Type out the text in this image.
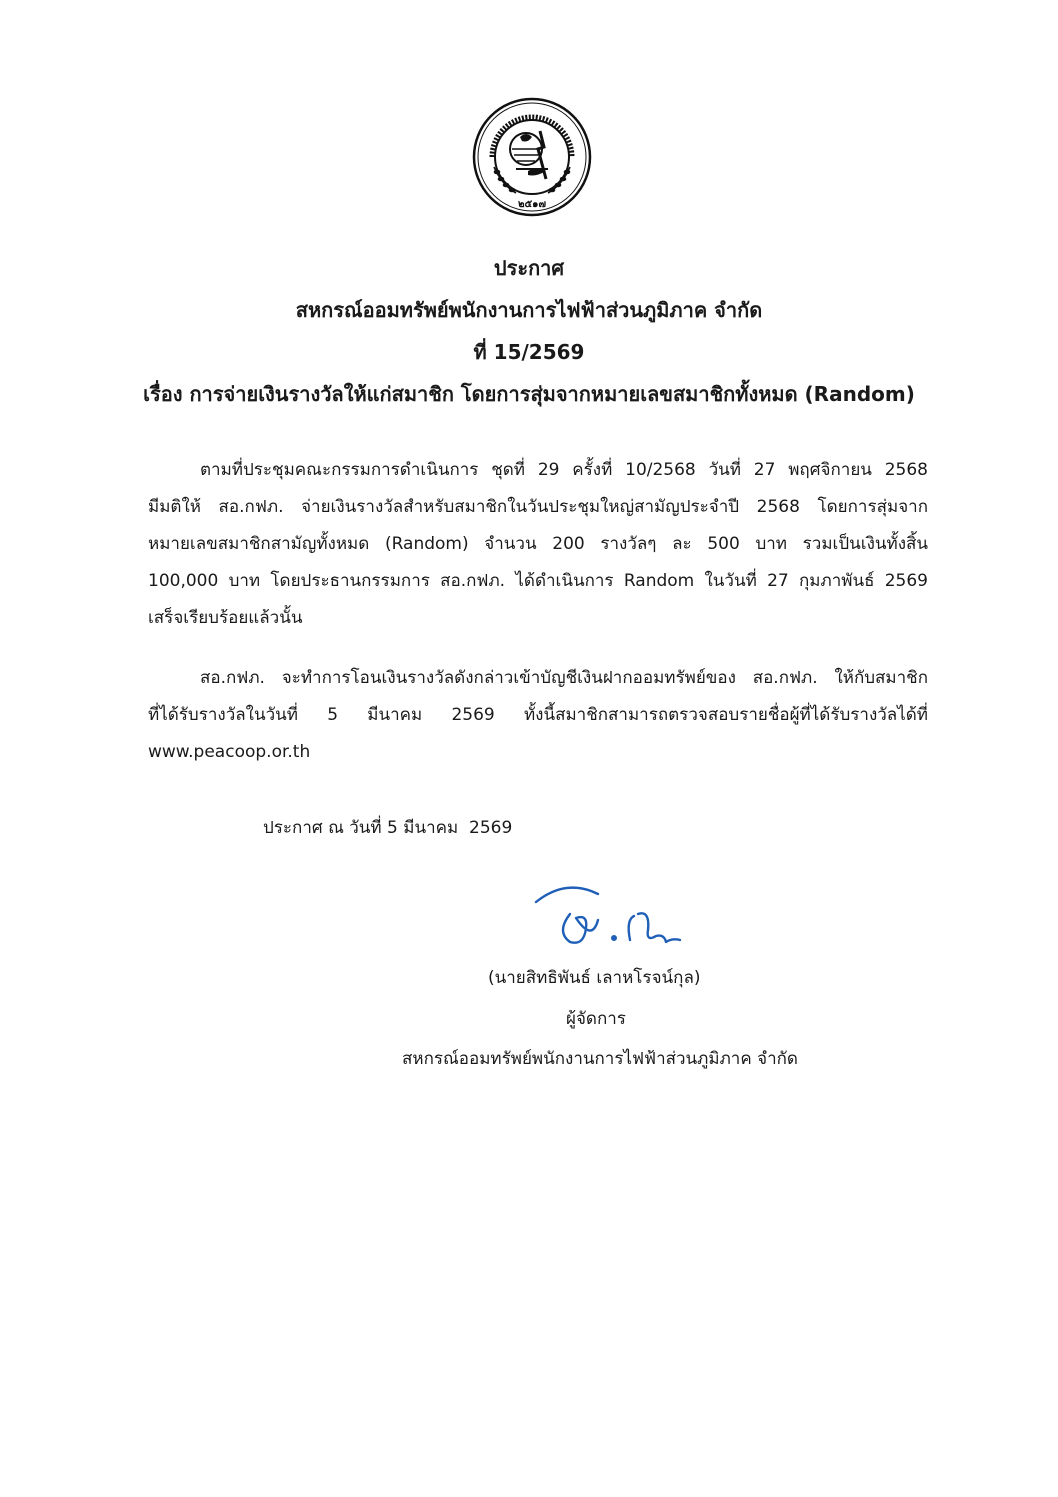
๒๕๑๗
ประกาศ
สหกรณ์ออมทรัพย์พนักงานการไฟฟ้าส่วนภูมิภาค จำกัด
ที่ 15/2569
เรื่อง การจ่ายเงินรางวัลให้แก่สมาชิก โดยการสุ่มจากหมายเลขสมาชิกทั้งหมด (Random)
ตามที่ประชุมคณะกรรมการดำเนินการ ชุดที่ 29 ครั้งที่ 10/2568 วันที่ 27 พฤศจิกายน 2568
มีมติให้ สอ.กฟภ. จ่ายเงินรางวัลสำหรับสมาชิกในวันประชุมใหญ่สามัญประจำปี 2568 โดยการสุ่มจาก
หมายเลขสมาชิกสามัญทั้งหมด (Random) จำนวน 200 รางวัลๆ ละ 500 บาท รวมเป็นเงินทั้งสิ้น
100,000 บาท โดยประธานกรรมการ สอ.กฟภ. ได้ดำเนินการ Random ในวันที่ 27 กุมภาพันธ์ 2569
เสร็จเรียบร้อยแล้วนั้น
สอ.กฟภ. จะทำการโอนเงินรางวัลดังกล่าวเข้าบัญชีเงินฝากออมทรัพย์ของ สอ.กฟภ. ให้กับสมาชิก
ที่ได้รับรางวัลในวันที่ 5 มีนาคม 2569 ทั้งนี้สมาชิกสามารถตรวจสอบรายชื่อผู้ที่ได้รับรางวัลได้ที่
www.peacoop.or.th
ประกาศ ณ วันที่ 5 มีนาคม  2569
(นายสิทธิพันธ์ เลาหโรจน์กุล)
ผู้จัดการ
สหกรณ์ออมทรัพย์พนักงานการไฟฟ้าส่วนภูมิภาค จำกัด
